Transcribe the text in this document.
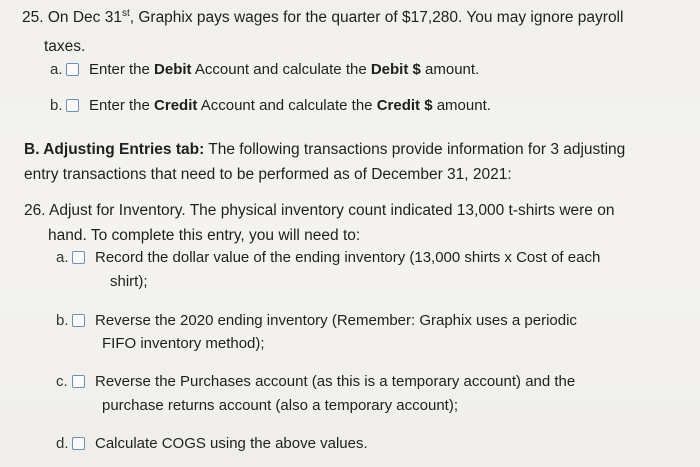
25. On Dec 31st, Graphix pays wages for the quarter of $17,280. You may ignore payroll
taxes.
a. Enter the Debit Account and calculate the Debit $ amount.
b. Enter the Credit Account and calculate the Credit $ amount.
B. Adjusting Entries tab: The following transactions provide information for 3 adjusting
entry transactions that need to be performed as of December 31, 2021:
26. Adjust for Inventory. The physical inventory count indicated 13,000 t-shirts were on
hand. To complete this entry, you will need to:
a. Record the dollar value of the ending inventory (13,000 shirts x Cost of each
shirt);
b. Reverse the 2020 ending inventory (Remember: Graphix uses a periodic
FIFO inventory method);
c. Reverse the Purchases account (as this is a temporary account) and the
purchase returns account (also a temporary account);
d. Calculate COGS using the above values.
